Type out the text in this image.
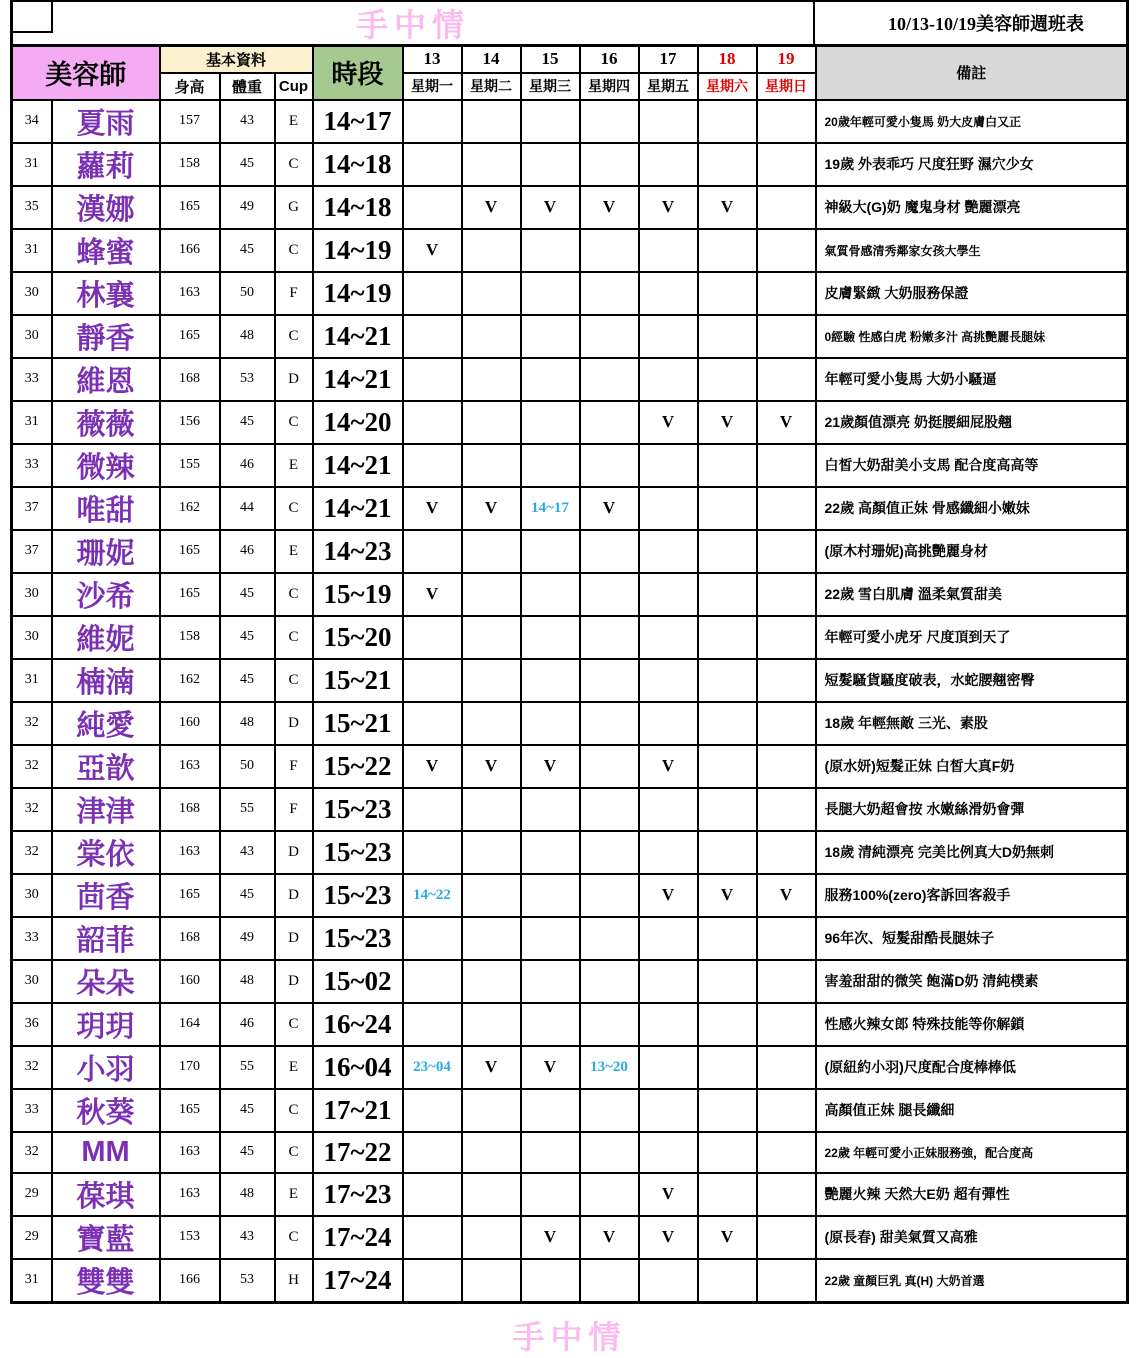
手中情	10/13-10/19美容師週班表
美容師		基本資料			時段	13	14	15	16	17	18	19	備註
		身高	體重	Cup		星期一	星期二	星期三	星期四	星期五	星期六	星期日	
34	夏雨	157	43	E	14~17								20歲年輕可愛小隻馬 奶大皮膚白又正
31	蘿莉	158	45	C	14~18								19歲 外表乖巧 尺度狂野 濕穴少女
35	漢娜	165	49	G	14~18		V	V	V	V	V		神級大(G)奶 魔鬼身材 艷麗漂亮
31	蜂蜜	166	45	C	14~19	V							氣質骨感清秀鄰家女孩大學生
30	林襄	163	50	F	14~19								皮膚緊緻 大奶服務保證
30	靜香	165	48	C	14~21								0經驗 性感白虎 粉嫩多汁 高挑艷麗長腿妹
33	維恩	168	53	D	14~21								年輕可愛小隻馬 大奶小騷逼
31	薇薇	156	45	C	14~20					V	V	V	21歲顏值漂亮 奶挺腰細屁股翹
33	微辣	155	46	E	14~21								白皙大奶甜美小支馬 配合度高高等
37	唯甜	162	44	C	14~21	V	V	14~17	V				22歲 高顏值正妹 骨感纖細小嫩妹
37	珊妮	165	46	E	14~23								(原木村珊妮)高挑艷麗身材
30	沙希	165	45	C	15~19	V							22歲 雪白肌膚 溫柔氣質甜美
30	維妮	158	45	C	15~20								年輕可愛小虎牙 尺度頂到天了
31	楠湳	162	45	C	15~21								短髮騷貨騷度破表，水蛇腰翹密臀
32	純愛	160	48	D	15~21								18歲 年輕無敵 三光、素股
32	亞歆	163	50	F	15~22	V	V	V		V			(原水妍)短髮正妹 白皙大真F奶
32	津津	168	55	F	15~23								長腿大奶超會按 水嫩絲滑奶會彈
32	棠依	163	43	D	15~23								18歲 清純漂亮 完美比例真大D奶無刺
30	茴香	165	45	D	15~23	14~22				V	V	V	服務100%(zero)客訴回客殺手
33	韶菲	168	49	D	15~23								96年次、短髮甜酷長腿妹子
30	朵朵	160	48	D	15~02								害羞甜甜的微笑 飽滿D奶 清純樸素
36	玥玥	164	46	C	16~24								性感火辣女郎 特殊技能等你解鎖
32	小羽	170	55	E	16~04	23~04	V	V	13~20				(原紐約小羽)尺度配合度棒棒低
33	秋葵	165	45	C	17~21								高顏值正妹 腿長纖細
32	MM	163	45	C	17~22								22歲 年輕可愛小正妹服務強，配合度高
29	葆琪	163	48	E	17~23					V			艷麗火辣 天然大E奶 超有彈性
29	寶藍	153	43	C	17~24			V	V	V	V		(原長春) 甜美氣質又高雅
31	雙雙	166	53	H	17~24								22歲 童顏巨乳 真(H) 大奶首選
手中情
